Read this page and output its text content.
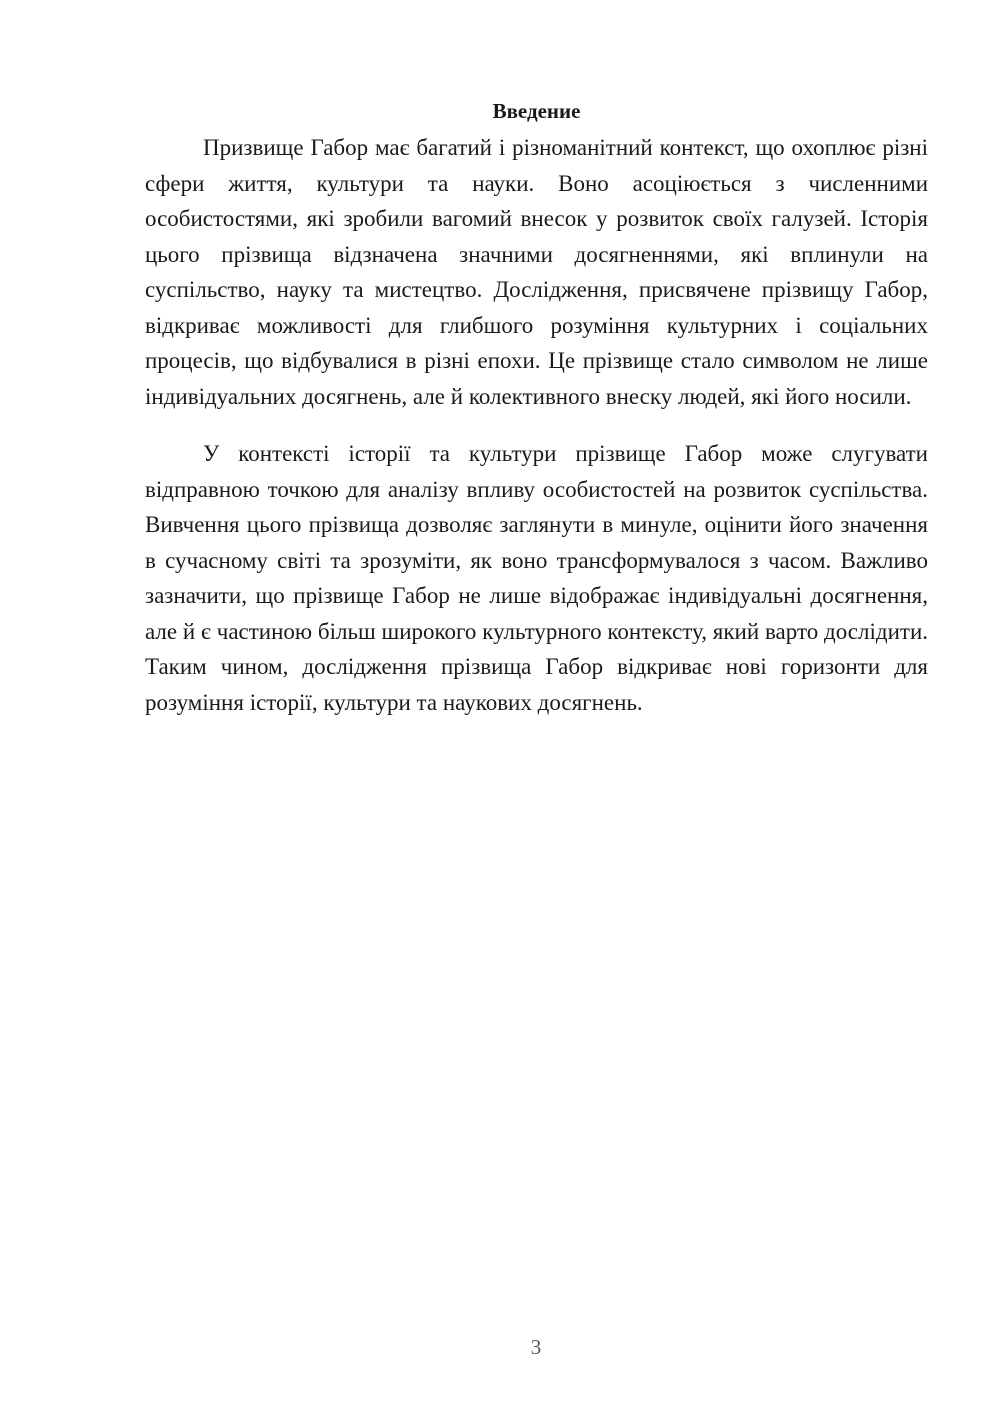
Введение

Призвище Габор має багатий і різноманітний контекст, що охоплює різні сфери життя, культури та науки. Воно асоціюється з численними особистостями, які зробили вагомий внесок у розвиток своїх галузей. Історія цього прізвища відзначена значними досягненнями, які вплинули на суспільство, науку та мистецтво. Дослідження, присвячене прізвищу Габор, відкриває можливості для глибшого розуміння культурних і соціальних процесів, що відбувалися в різні епохи. Це прізвище стало символом не лише індивідуальних досягнень, але й колективного внеску людей, які його носили.

У контексті історії та культури прізвище Габор може слугувати відправною точкою для аналізу впливу особистостей на розвиток суспільства. Вивчення цього прізвища дозволяє заглянути в минуле, оцінити його значення в сучасному світі та зрозуміти, як воно трансформувалося з часом. Важливо зазначити, що прізвище Габор не лише відображає індивідуальні досягнення, але й є частиною більш широкого культурного контексту, який варто дослідити. Таким чином, дослідження прізвища Габор відкриває нові горизонти для розуміння історії, культури та наукових досягнень.

3
